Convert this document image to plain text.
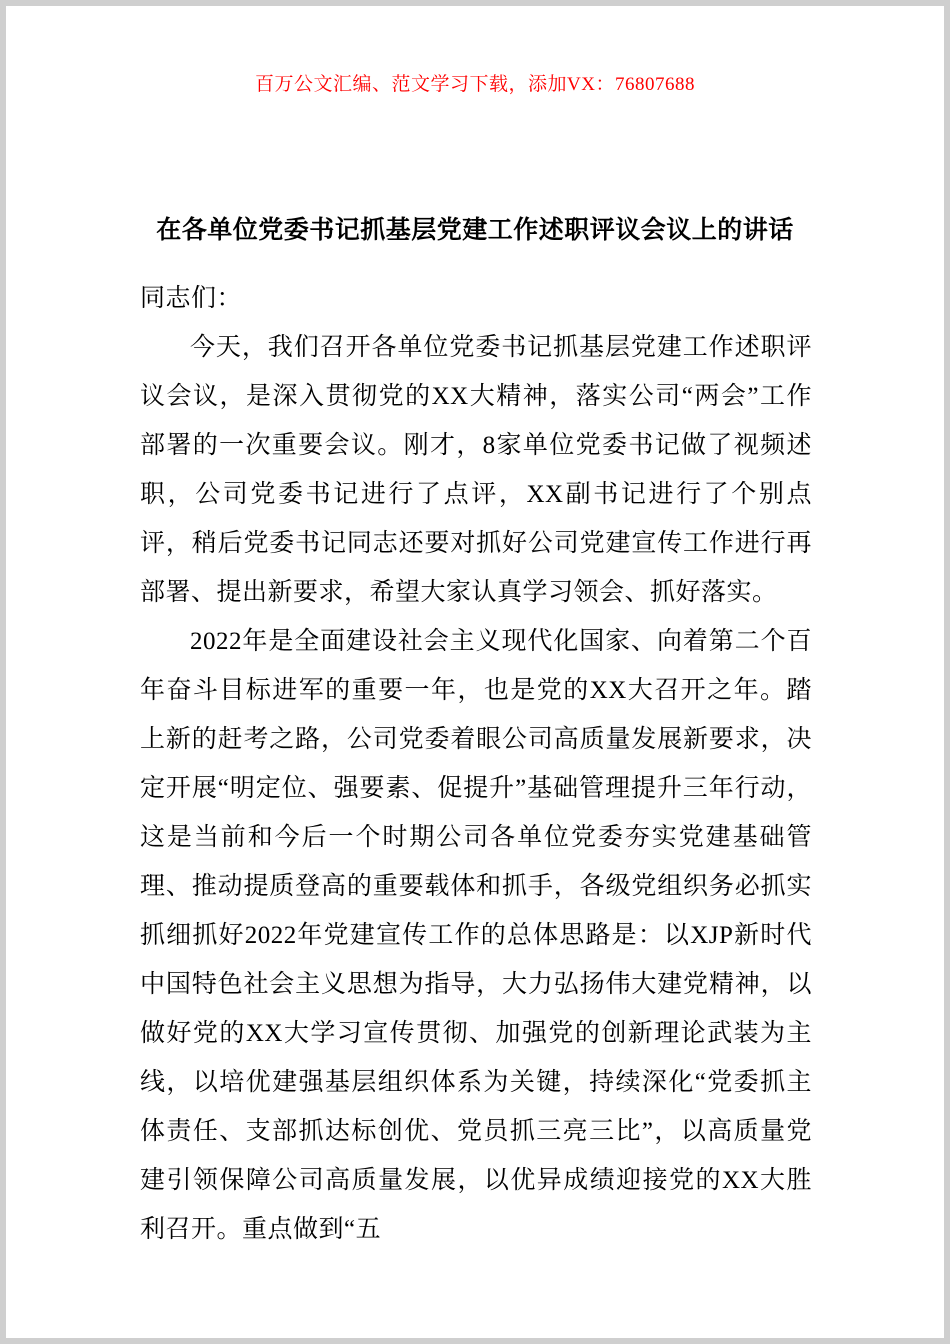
百万公文汇编、范文学习下载，添加VX：76807688
在各单位党委书记抓基层党建工作述职评议会议上的讲话

同志们：

今天，我们召开各单位党委书记抓基层党建工作述职评议会议，是深入贯彻党的XX大精神，落实公司“两会”工作部署的一次重要会议。刚才，8家单位党委书记做了视频述职，公司党委书记进行了点评，XX副书记进行了个别点评，稍后党委书记同志还要对抓好公司党建宣传工作进行再部署、提出新要求，希望大家认真学习领会、抓好落实。

2022年是全面建设社会主义现代化国家、向着第二个百年奋斗目标进军的重要一年，也是党的XX大召开之年。踏上新的赶考之路，公司党委着眼公司高质量发展新要求，决定开展“明定位、强要素、促提升”基础管理提升三年行动，这是当前和今后一个时期公司各单位党委夯实党建基础管理、推动提质登高的重要载体和抓手，各级党组织务必抓实抓细抓好2022年党建宣传工作的总体思路是：以XJP新时代中国特色社会主义思想为指导，大力弘扬伟大建党精神，以做好党的XX大学习宣传贯彻、加强党的创新理论武装为主线，以培优建强基层组织体系为关键，持续深化“党委抓主体责任、支部抓达标创优、党员抓三亮三比”，以高质量党建引领保障公司高质量发展，以优异成绩迎接党的XX大胜利召开。重点做到“五
